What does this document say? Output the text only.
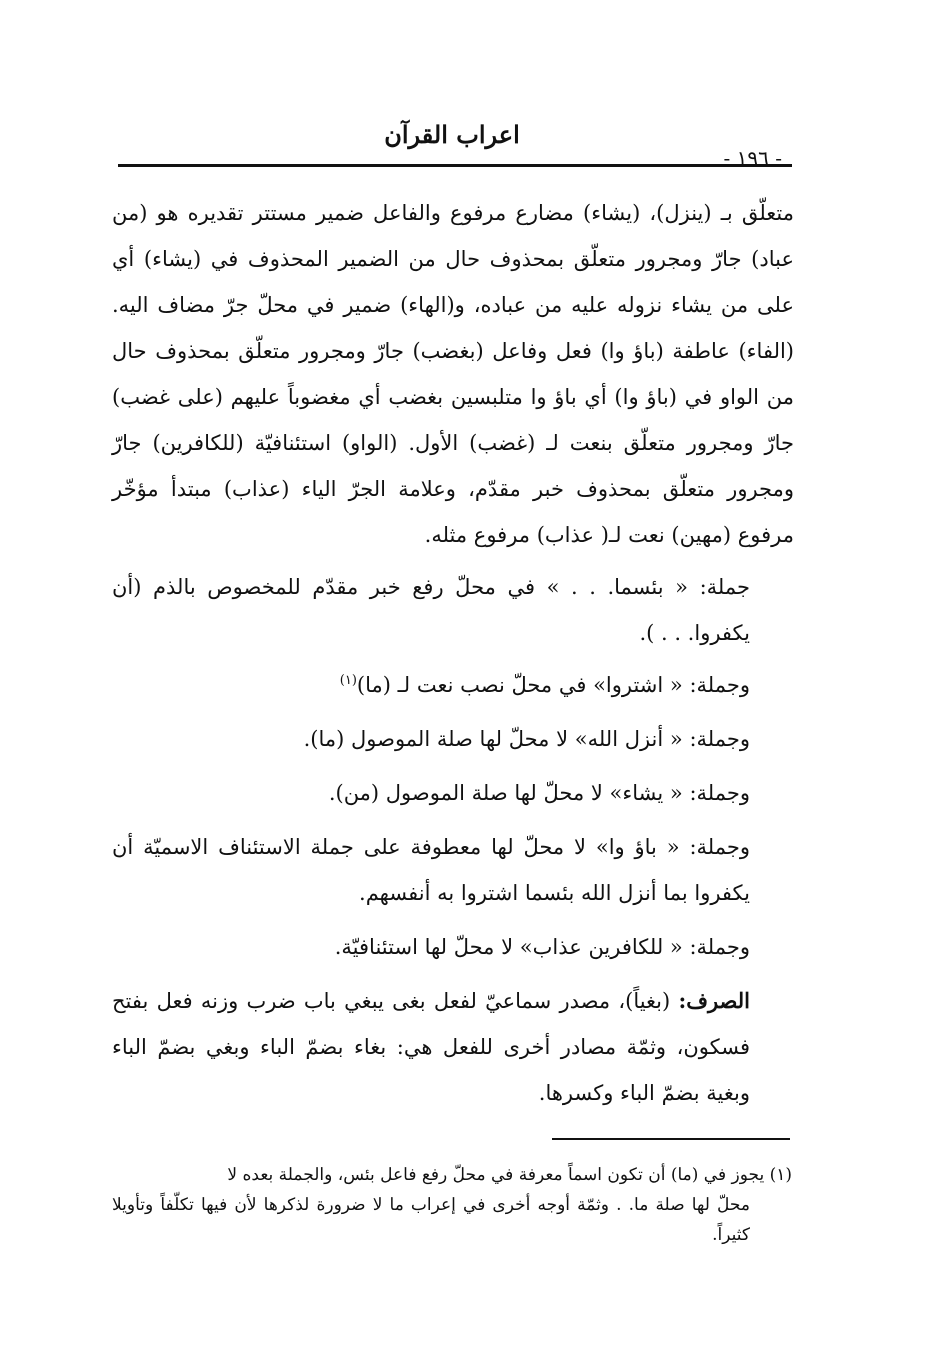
اعراب القرآن
- ١٩٦ -

متعلّق بـ (ينزل)، (يشاء) مضارع مرفوع والفاعل ضمير مستتر تقديره هو (من عباد) جارّ ومجرور متعلّق بمحذوف حال من الضمير المحذوف في (يشاء) أي على من يشاء نزوله عليه من عباده، و(الهاء) ضمير في محلّ جرّ مضاف اليه. (الفاء) عاطفة (باؤ وا) فعل وفاعل (بغضب) جارّ ومجرور متعلّق بمحذوف حال من الواو في (باؤ وا) أي باؤ وا متلبسين بغضب أي مغضوباً عليهم (على غضب) جارّ ومجرور متعلّق بنعت لـ (غضب) الأول. (الواو) استئنافيّة (للكافرين) جارّ ومجرور متعلّق بمحذوف خبر مقدّم، وعلامة الجرّ الياء (عذاب) مبتدأ مؤخّر مرفوع (مهين) نعت لـ( عذاب) مرفوع مثله.

جملة: « بئسما. . . » في محلّ رفع خبر مقدّم للمخصوص بالذم (أن يكفروا. . . ).

وجملة: « اشتروا» في محلّ نصب نعت لـ (ما)$^{(١)}$

وجملة: « أنزل الله» لا محلّ لها صلة الموصول (ما).

وجملة: « يشاء» لا محلّ لها صلة الموصول (من).

وجملة: « باؤ وا» لا محلّ لها معطوفة على جملة الاستئناف الاسميّة أن يكفروا بما أنزل الله بئسما اشتروا به أنفسهم.

وجملة: « للكافرين عذاب» لا محلّ لها استئنافيّة.

الصرف: (بغياً)، مصدر سماعيّ لفعل بغى يبغي باب ضرب وزنه فعل بفتح فسكون، وثمّة مصادر أخرى للفعل هي: بغاء بضمّ الباء وبغي بضمّ الباء وبغية بضمّ الباء وكسرها.

(١) يجوز في (ما) أن تكون اسماً معرفة في محلّ رفع فاعل بئس، والجملة بعده لا

محلّ لها صلة ما. . وثمّة أوجه أخرى في إعراب ما لا ضرورة لذكرها لأن فيها تكلّفاً وتأويلا كثيراً.
